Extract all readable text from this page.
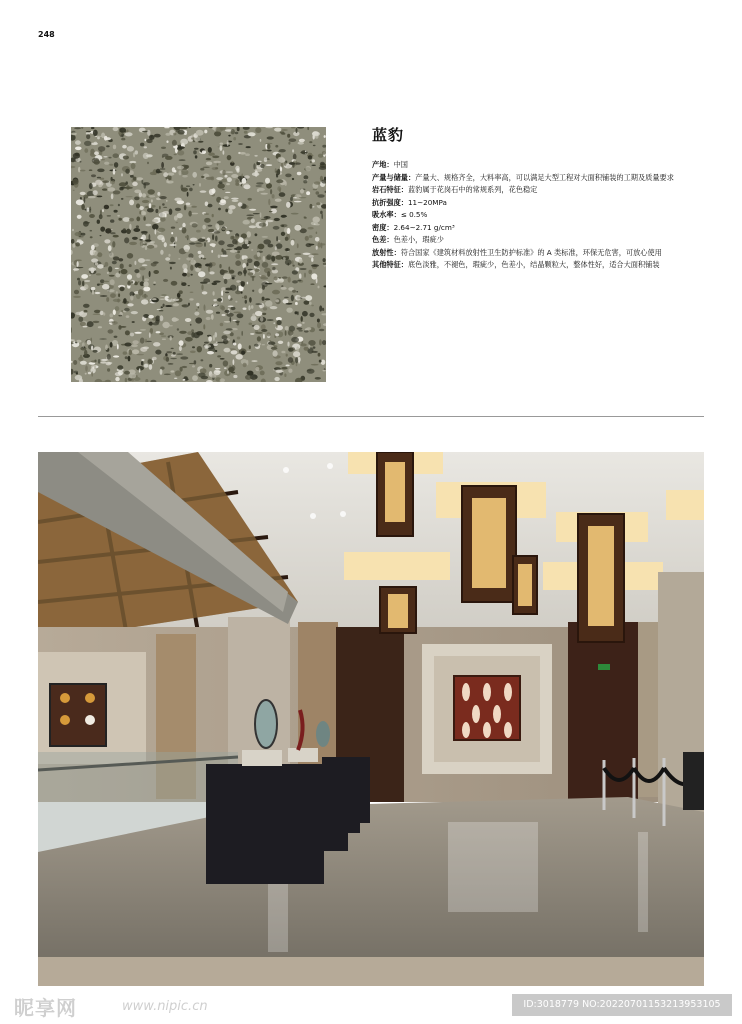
248
蓝豹
产地： 中国
产量与储量： 产量大、规格齐全，大料率高，可以满足大型工程对大面积铺装的工期及质量要求
岩石特征： 蓝豹属于花岗石中的常规系列，花色稳定
抗折强度： 11~20MPa
吸水率： ≤ 0.5%
密度： 2.64~2.71 g/cm³
色差： 色差小，瑕疵少
放射性： 符合国家《建筑材料放射性卫生防护标准》的 A 类标准，环保无危害，可放心使用
其他特征： 底色淡雅，不褪色，瑕疵少，色差小，结晶颗粒大，整体性好，适合大面积铺装
昵享网	www.nipic.cn	ID:3018779 NO:20220701153213953105
